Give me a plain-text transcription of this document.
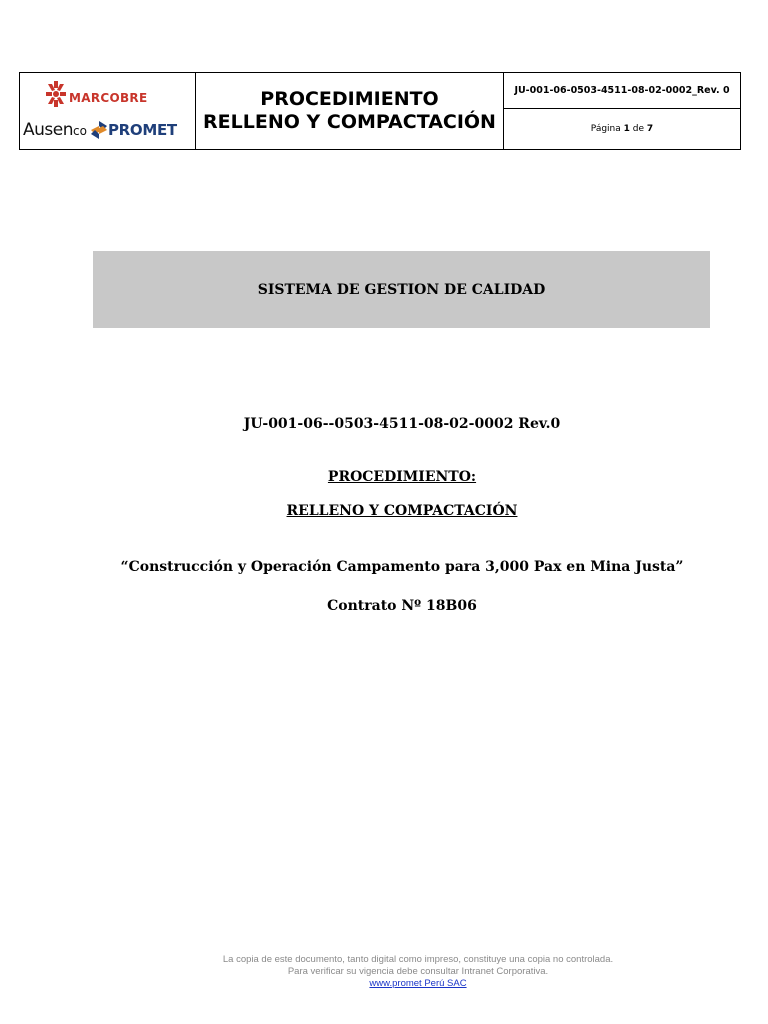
MARCOBRE
Ausenco PROMET
PROCEDIMIENTO
RELLENO Y COMPACTACIÓN
JU-001-06-0503-4511-08-02-0002_Rev. 0
Página
1
de
7
SISTEMA DE GESTION DE CALIDAD
JU-001-06--0503-4511-08-02-0002 Rev.0
PROCEDIMIENTO:
RELLENO Y COMPACTACIÓN
“Construcción y Operación Campamento para 3,000 Pax en Mina Justa”
Contrato Nº 18B06
La copia de este documento, tanto digital como impreso, constituye una copia no controlada.
Para verificar su vigencia debe consultar Intranet Corporativa.
www.promet Perú SAC
